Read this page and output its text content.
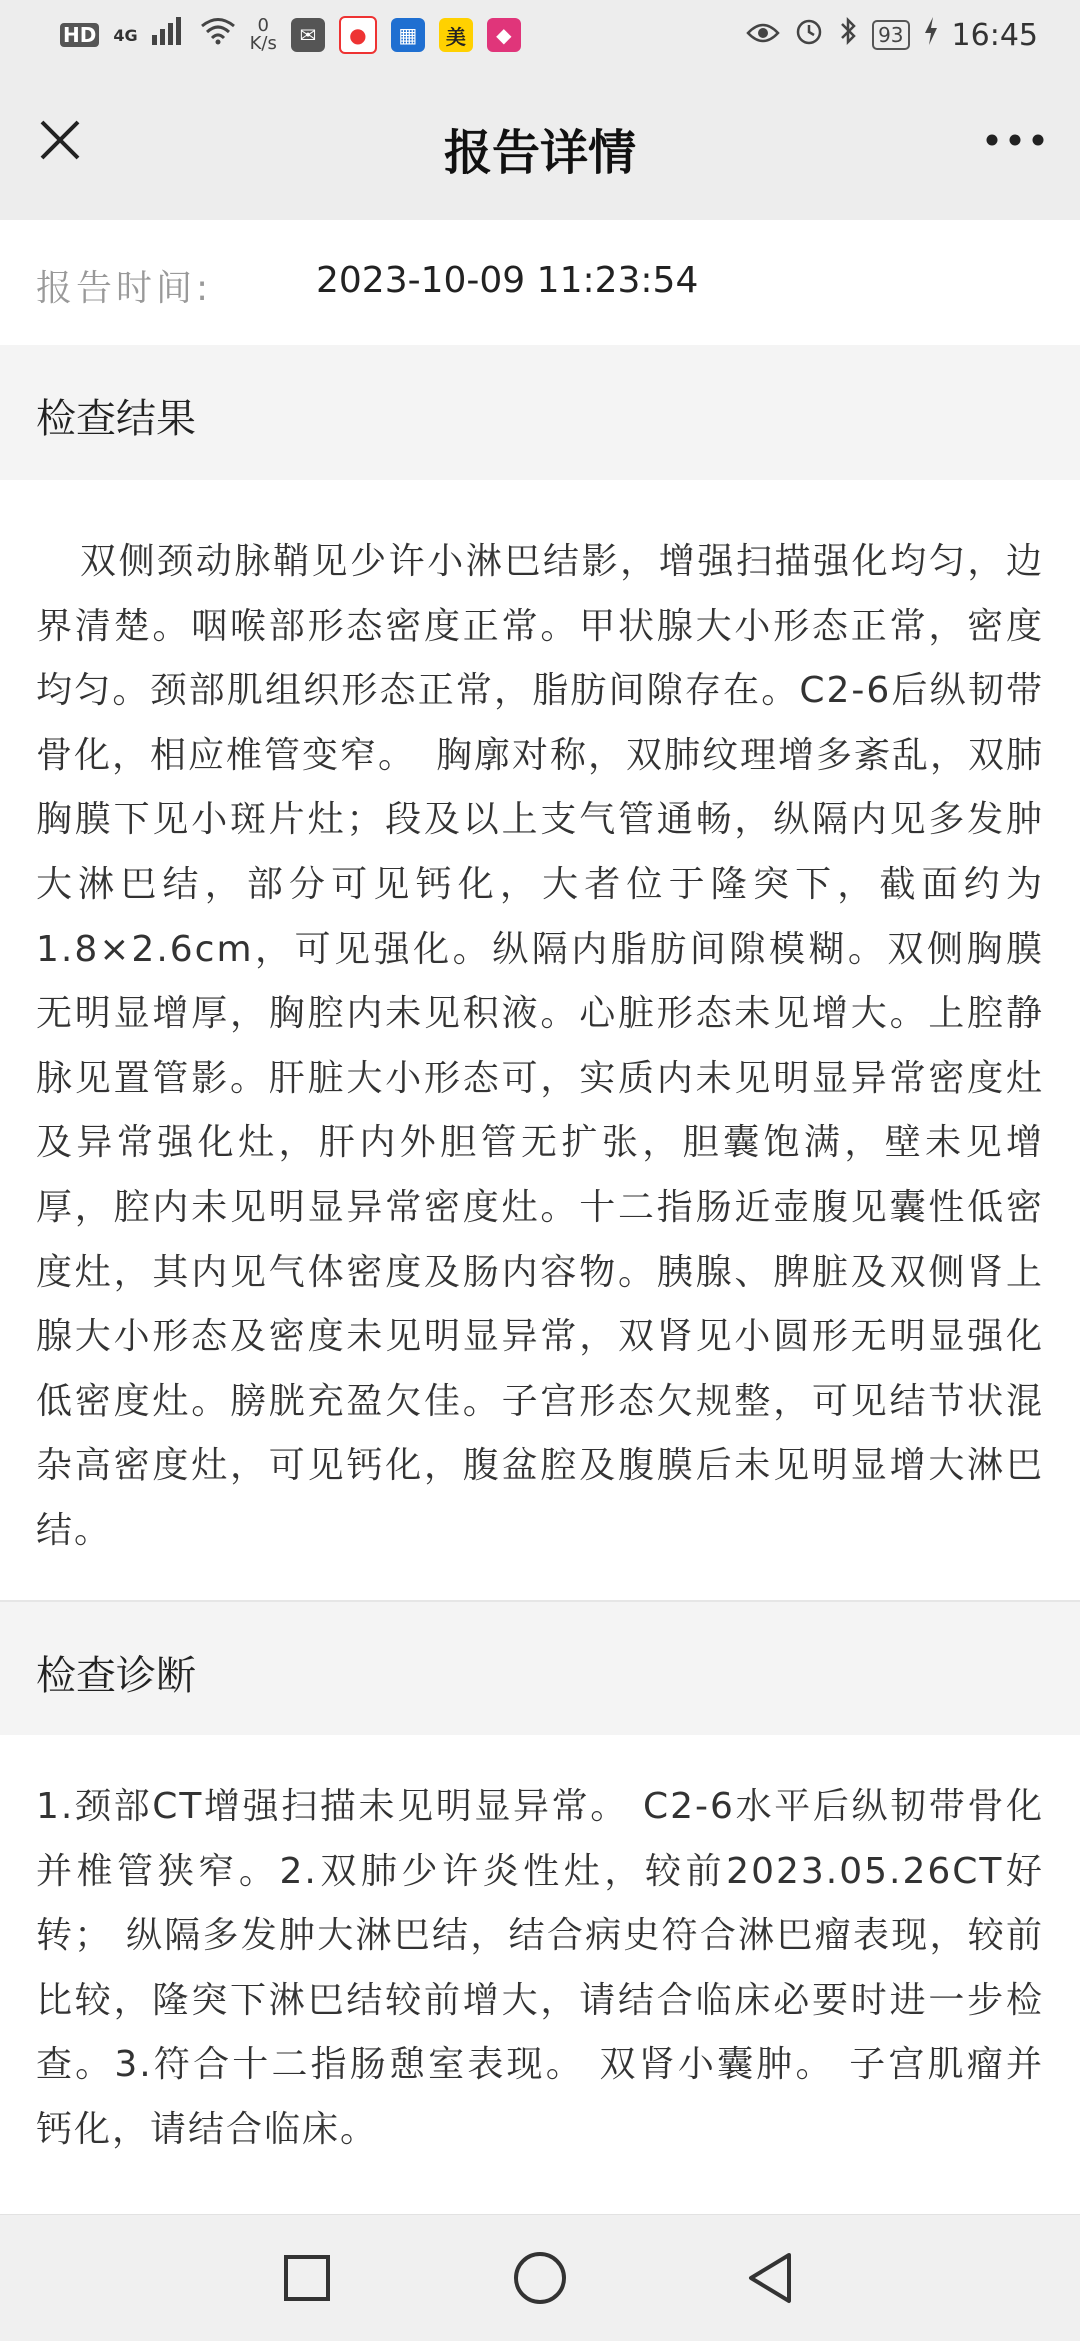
HD 4G	0
K/s	✉	●	▦	美	◆	93 16:45
报告详情
报告时间:	2023-10-09 11:23:54
检查结果

双侧颈动脉鞘见少许小淋巴结影，增强扫描强化均匀，边界清楚。咽喉部形态密度正常。甲状腺大小形态正常，密度均匀。颈部肌组织形态正常，脂肪间隙存在。C2-6后纵韧带骨化，相应椎管变窄。　胸廓对称，双肺纹理增多紊乱，双肺胸膜下见小斑片灶；段及以上支气管通畅，纵隔内见多发肿大淋巴结，部分可见钙化，大者位于隆突下，截面约为1.8×2.6cm，可见强化。纵隔内脂肪间隙模糊。双侧胸膜无明显增厚，胸腔内未见积液。心脏形态未见增大。上腔静脉见置管影。肝脏大小形态可，实质内未见明显异常密度灶及异常强化灶，肝内外胆管无扩张，胆囊饱满，壁未见增厚，腔内未见明显异常密度灶。十二指肠近壶腹见囊性低密度灶，其内见气体密度及肠内容物。胰腺、脾脏及双侧肾上腺大小形态及密度未见明显异常，双肾见小圆形无明显强化低密度灶。膀胱充盈欠佳。子宫形态欠规整，可见结节状混杂高密度灶，可见钙化，腹盆腔及腹膜后未见明显增大淋巴结。

检查诊断

1.颈部CT增强扫描未见明显异常。 C2-6水平后纵韧带骨化并椎管狭窄。2.双肺少许炎性灶，较前2023.05.26CT好转； 纵隔多发肿大淋巴结，结合病史符合淋巴瘤表现，较前比较，隆突下淋巴结较前增大，请结合临床必要时进一步检查。3.符合十二指肠憩室表现。 双肾小囊肿。 子宫肌瘤并钙化，请结合临床。
